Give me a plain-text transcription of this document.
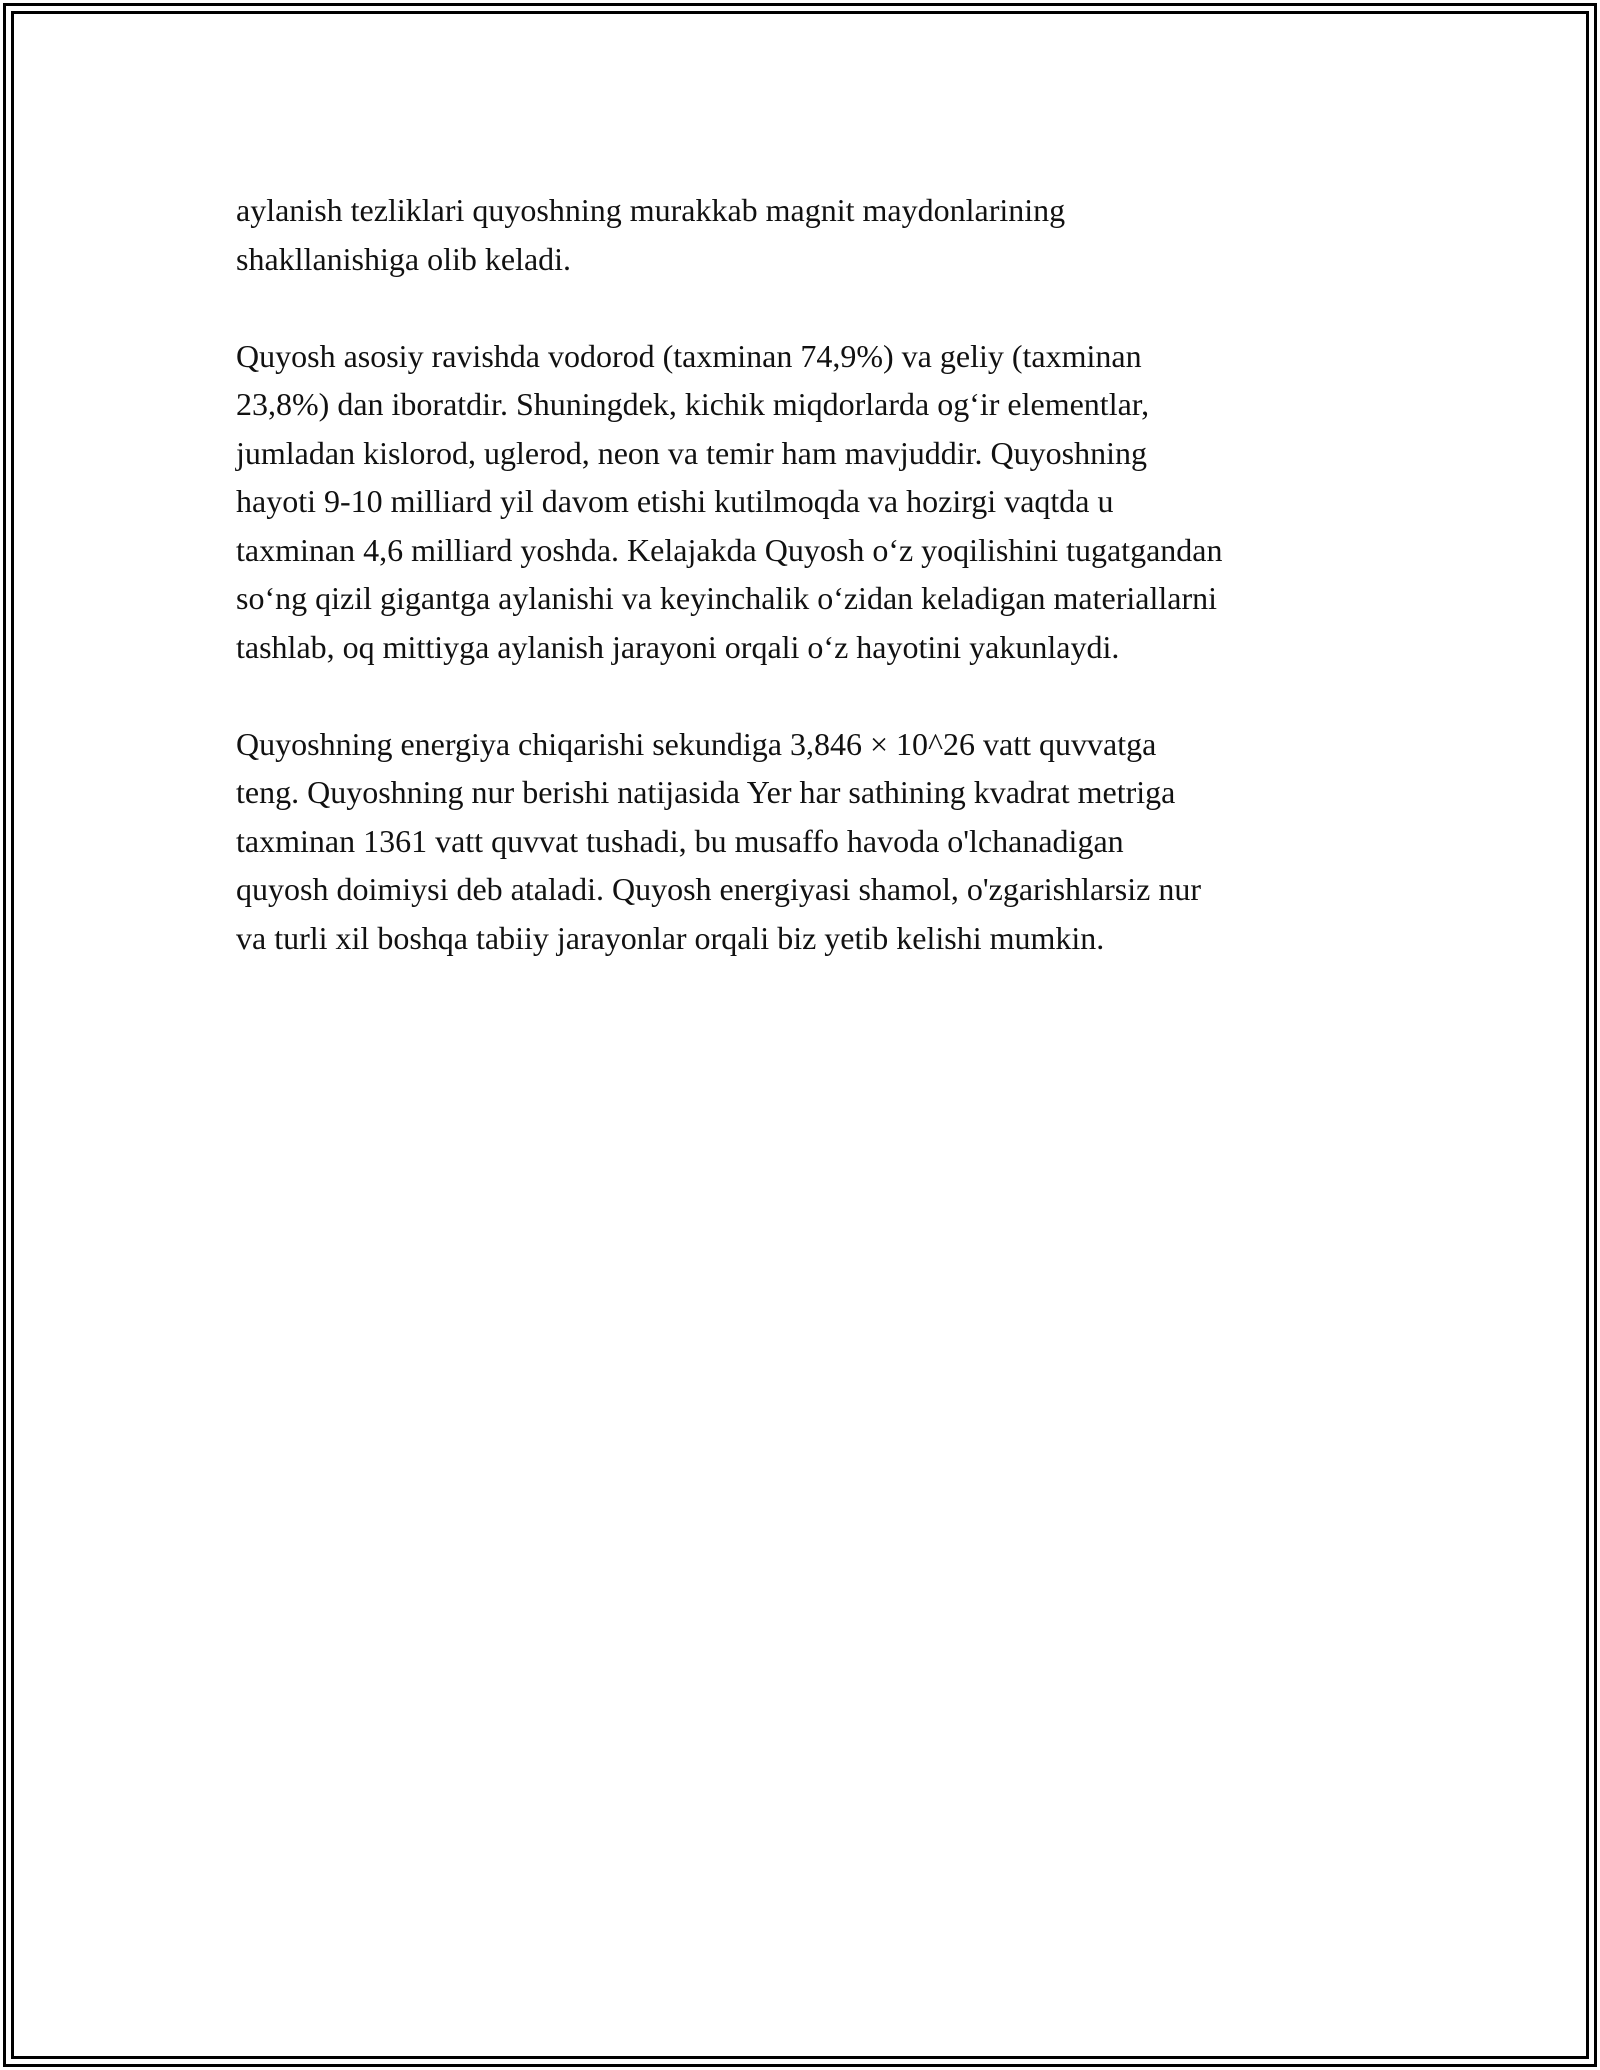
aylanish tezliklari quyoshning murakkab magnit maydonlarining
shakllanishiga olib keladi.

Quyosh asosiy ravishda vodorod (taxminan 74,9%) va geliy (taxminan
23,8%) dan iboratdir. Shuningdek, kichik miqdorlarda og‘ir elementlar,
jumladan kislorod, uglerod, neon va temir ham mavjuddir. Quyoshning
hayoti 9-10 milliard yil davom etishi kutilmoqda va hozirgi vaqtda u
taxminan 4,6 milliard yoshda. Kelajakda Quyosh o‘z yoqilishini tugatgandan
so‘ng qizil gigantga aylanishi va keyinchalik o‘zidan keladigan materiallarni
tashlab, oq mittiyga aylanish jarayoni orqali o‘z hayotini yakunlaydi.

Quyoshning energiya chiqarishi sekundiga 3,846 × 10^26 vatt quvvatga
teng. Quyoshning nur berishi natijasida Yer har sathining kvadrat metriga
taxminan 1361 vatt quvvat tushadi, bu musaffo havoda o'lchanadigan
quyosh doimiysi deb ataladi. Quyosh energiyasi shamol, o'zgarishlarsiz nur
va turli xil boshqa tabiiy jarayonlar orqali biz yetib kelishi mumkin.
